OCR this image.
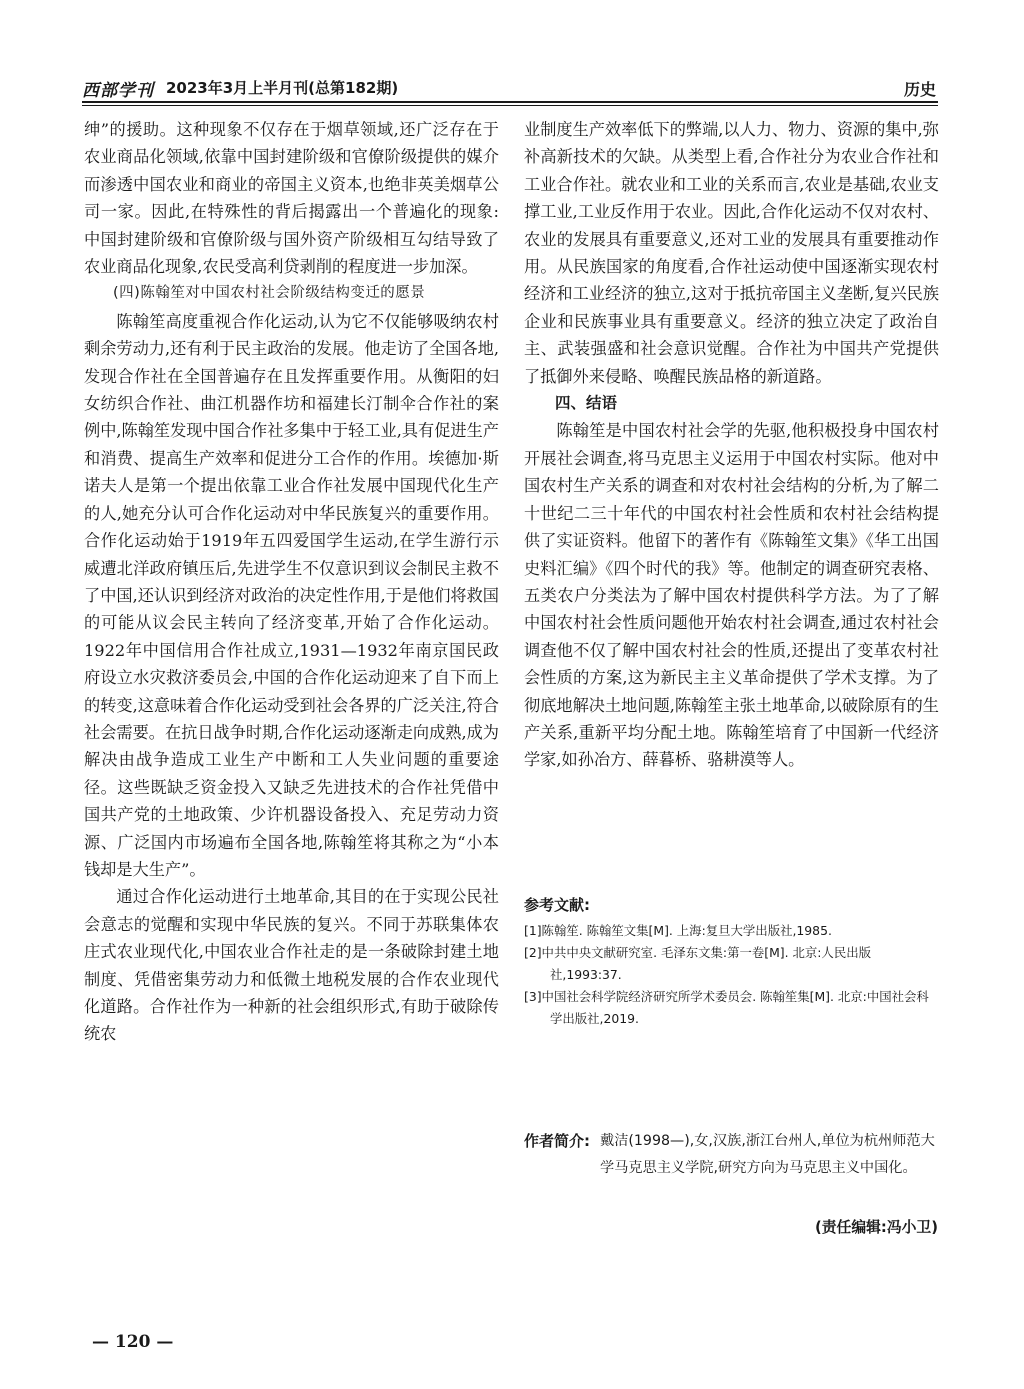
西部学刊 2023年3月上半月刊(总第182期)	历史

绅”的援助。这种现象不仅存在于烟草领域,还广泛存在于农业商品化领域,依靠中国封建阶级和官僚阶级提供的媒介而渗透中国农业和商业的帝国主义资本,也绝非英美烟草公司一家。因此,在特殊性的背后揭露出一个普遍化的现象:中国封建阶级和官僚阶级与国外资产阶级相互勾结导致了农业商品化现象,农民受高利贷剥削的程度进一步加深。

(四)陈翰笙对中国农村社会阶级结构变迁的愿景

陈翰笙高度重视合作化运动,认为它不仅能够吸纳农村剩余劳动力,还有利于民主政治的发展。他走访了全国各地,发现合作社在全国普遍存在且发挥重要作用。从衡阳的妇女纺织合作社、曲江机器作坊和福建长汀制伞合作社的案例中,陈翰笙发现中国合作社多集中于轻工业,具有促进生产和消费、提高生产效率和促进分工合作的作用。埃德加·斯诺夫人是第一个提出依靠工业合作社发展中国现代化生产的人,她充分认可合作化运动对中华民族复兴的重要作用。合作化运动始于1919年五四爱国学生运动,在学生游行示威遭北洋政府镇压后,先进学生不仅意识到议会制民主救不了中国,还认识到经济对政治的决定性作用,于是他们将救国的可能从议会民主转向了经济变革,开始了合作化运动。1922年中国信用合作社成立,1931—1932年南京国民政府设立水灾救济委员会,中国的合作化运动迎来了自下而上的转变,这意味着合作化运动受到社会各界的广泛关注,符合社会需要。在抗日战争时期,合作化运动逐渐走向成熟,成为解决由战争造成工业生产中断和工人失业问题的重要途径。这些既缺乏资金投入又缺乏先进技术的合作社凭借中国共产党的土地政策、少许机器设备投入、充足劳动力资源、广泛国内市场遍布全国各地,陈翰笙将其称之为“小本钱却是大生产”。

通过合作化运动进行土地革命,其目的在于实现公民社会意志的觉醒和实现中华民族的复兴。不同于苏联集体农庄式农业现代化,中国农业合作社走的是一条破除封建土地制度、凭借密集劳动力和低微土地税发展的合作农业现代化道路。合作社作为一种新的社会组织形式,有助于破除传统农

业制度生产效率低下的弊端,以人力、物力、资源的集中,弥补高新技术的欠缺。从类型上看,合作社分为农业合作社和工业合作社。就农业和工业的关系而言,农业是基础,农业支撑工业,工业反作用于农业。因此,合作化运动不仅对农村、农业的发展具有重要意义,还对工业的发展具有重要推动作用。从民族国家的角度看,合作社运动使中国逐渐实现农村经济和工业经济的独立,这对于抵抗帝国主义垄断,复兴民族企业和民族事业具有重要意义。经济的独立决定了政治自主、武装强盛和社会意识觉醒。合作社为中国共产党提供了抵御外来侵略、唤醒民族品格的新道路。

四、结语

陈翰笙是中国农村社会学的先驱,他积极投身中国农村开展社会调查,将马克思主义运用于中国农村实际。他对中国农村生产关系的调查和对农村社会结构的分析,为了解二十世纪二三十年代的中国农村社会性质和农村社会结构提供了实证资料。他留下的著作有《陈翰笙文集》《华工出国史料汇编》《四个时代的我》等。他制定的调查研究表格、五类农户分类法为了解中国农村提供科学方法。为了了解中国农村社会性质问题他开始农村社会调查,通过农村社会调查他不仅了解中国农村社会的性质,还提出了变革农村社会性质的方案,这为新民主主义革命提供了学术支撑。为了彻底地解决土地问题,陈翰笙主张土地革命,以破除原有的生产关系,重新平均分配土地。陈翰笙培育了中国新一代经济学家,如孙冶方、薛暮桥、骆耕漠等人。

参考文献:

[1]陈翰笙. 陈翰笙文集[M]. 上海:复旦大学出版社,1985.

[2]中共中央文献研究室. 毛泽东文集:第一卷[M]. 北京:人民出版社,1993:37.

[3]中国社会科学院经济研究所学术委员会. 陈翰笙集[M]. 北京:中国社会科学出版社,2019.

作者简介: 戴洁(1998—),女,汉族,浙江台州人,单位为杭州师范大学马克思主义学院,研究方向为马克思主义中国化。
(责任编辑:冯小卫)
— 120 —
